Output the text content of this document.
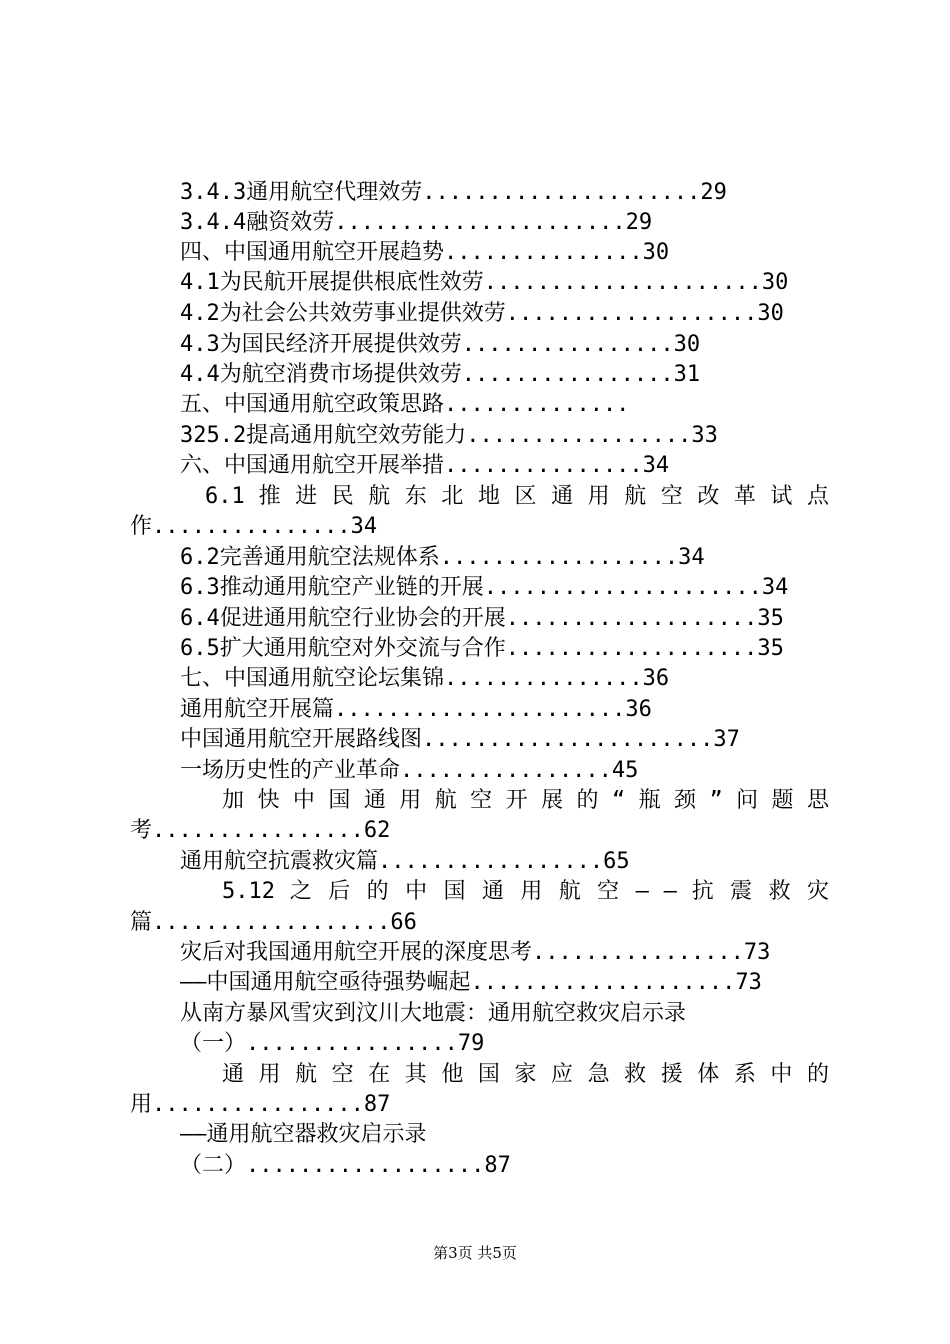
3.4.3通用航空代理效劳.....................29
3.4.4融资效劳......................29
四、中国通用航空开展趋势...............30
4.1为民航开展提供根底性效劳.....................30
4.2为社会公共效劳事业提供效劳...................30
4.3为国民经济开展提供效劳................30
4.4为航空消费市场提供效劳................31
五、中国通用航空政策思路..............
325.2提高通用航空效劳能力.................33
六、中国通用航空开展举措...............34
6.1 推 进 民 航 东 北 地 区 通 用 航 空 改 革 试 点
作...............34
6.2完善通用航空法规体系..................34
6.3推动通用航空产业链的开展.....................34
6.4促进通用航空行业协会的开展...................35
6.5扩大通用航空对外交流与合作...................35
七、中国通用航空论坛集锦...............36
通用航空开展篇......................36
中国通用航空开展路线图......................37
一场历史性的产业革命................45
加 快 中 国 通 用 航 空 开 展 的 “ 瓶 颈 ” 问 题 思
考................62
通用航空抗震救灾篇.................65
5.12 之 后 的 中 国 通 用 航 空 — — 抗 震 救 灾
篇..................66
灾后对我国通用航空开展的深度思考................73
——中国通用航空亟待强势崛起....................73
从南方暴风雪灾到汶川大地震：通用航空救灾启示录
（一）................79
通 用 航 空 在 其 他 国 家 应 急 救 援 体 系 中 的
用................87
——通用航空器救灾启示录
（二）..................87
第3页 共5页
